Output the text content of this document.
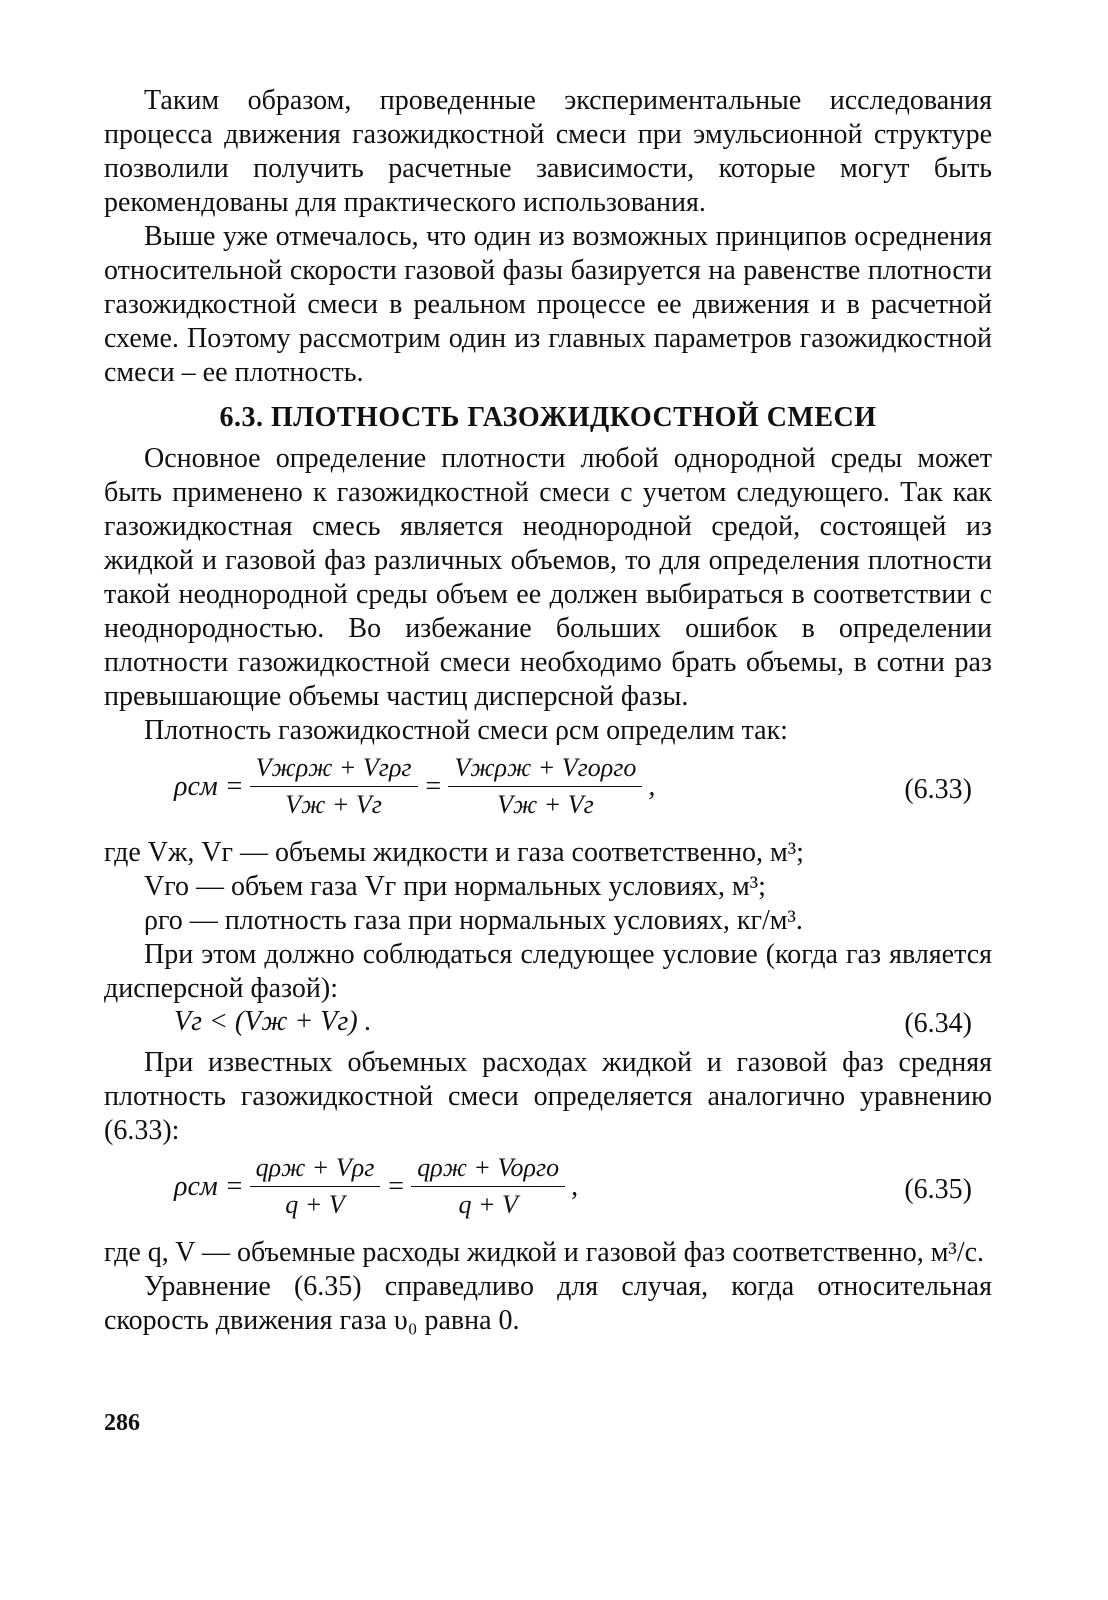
Таким образом, проведенные экспериментальные исследования процесса движения газожидкостной смеси при эмульсионной структуре позволили получить расчетные зависимости, которые могут быть рекомендованы для практического использования.

Выше уже отмечалось, что один из возможных принципов осреднения относительной скорости газовой фазы базируется на равенстве плотности газожидкостной смеси в реальном процессе ее движения и в расчетной схеме. Поэтому рассмотрим один из главных параметров газожидкостной смеси – ее плотность.

6.3. ПЛОТНОСТЬ ГАЗОЖИДКОСТНОЙ СМЕСИ

Основное определение плотности любой однородной среды может быть применено к газожидкостной смеси с учетом следующего. Так как газожидкостная смесь является неоднородной средой, состоящей из жидкой и газовой фаз различных объемов, то для определения плотности такой неоднородной среды объем ее должен выбираться в соответствии с неоднородностью. Во избежание больших ошибок в определении плотности газожидкостной смеси необходимо брать объемы, в сотни раз превышающие объемы частиц дисперсной фазы.

Плотность газожидкостной смеси ρсм определим так:

$\rho см = \frac{\text{Vжρж + Vгρг}}{Vж + Vг} = \frac{\text{Vжρж + Vгоρго}}{Vж + Vг}$ ,	(6.33)
где Vж, Vг — объемы жидкости и газа соответственно, м³;
Vго — объем газа Vг при нормальных условиях, м³;
ρго — плотность газа при нормальных условиях, кг/м³.

При этом должно соблюдаться следующее условие (когда газ является дисперсной фазой):

Vг < (Vж + Vг) .	(6.34)

При известных объемных расходах жидкой и газовой фаз средняя плотность газожидкостной смеси определяется аналогично уравнению (6.33):

$\rho см = \frac{\text{qρж + Vρг}}{q + V} = \frac{\text{qρж + Voρго}}{q + V}$ ,	(6.35)
где q, V — объемные расходы жидкой и газовой фаз соответственно, м³/с.

Уравнение (6.35) справедливо для случая, когда относительная скорость движения газа υ₀ равна 0.

286
